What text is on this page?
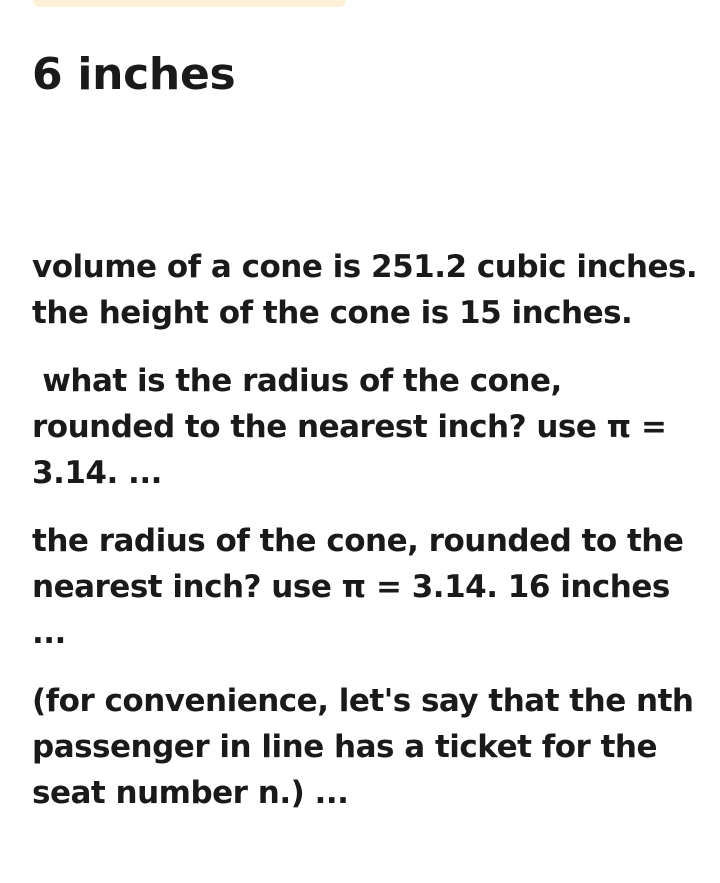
6 inches

volume of a cone is 251.2 cubic inches. the height of the cone is 15 inches.

what is the radius of the cone, rounded to the nearest inch? use π = 3.14. ...

the radius of the cone, rounded to the nearest inch? use π = 3.14. 16 inches ...

(for convenience, let's say that the nth passenger in line has a ticket for the seat number n.) ...
